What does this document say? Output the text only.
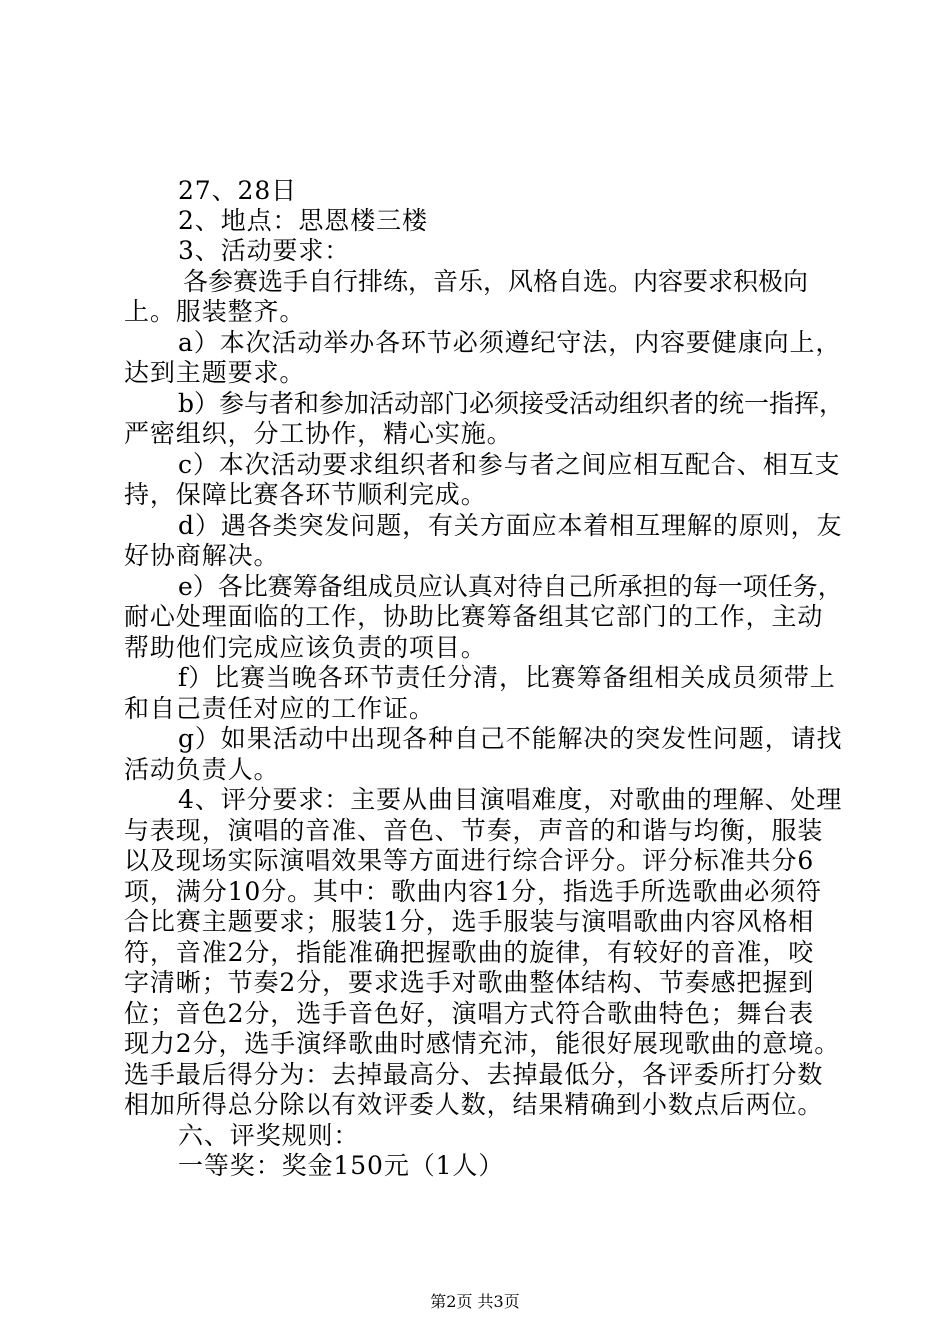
27、28日
2、地点：思恩楼三楼
3、活动要求：
各参赛选手自行排练，音乐，风格自选。内容要求积极向
上。服装整齐。
a）本次活动举办各环节必须遵纪守法，内容要健康向上，
达到主题要求。
b）参与者和参加活动部门必须接受活动组织者的统一指挥，
严密组织，分工协作，精心实施。
c）本次活动要求组织者和参与者之间应相互配合、相互支
持，保障比赛各环节顺利完成。
d）遇各类突发问题，有关方面应本着相互理解的原则，友
好协商解决。
e）各比赛筹备组成员应认真对待自己所承担的每一项任务，
耐心处理面临的工作，协助比赛筹备组其它部门的工作，主动
帮助他们完成应该负责的项目。
f）比赛当晚各环节责任分清，比赛筹备组相关成员须带上
和自己责任对应的工作证。
g）如果活动中出现各种自己不能解决的突发性问题，请找
活动负责人。
4、评分要求：主要从曲目演唱难度，对歌曲的理解、处理
与表现，演唱的音准、音色、节奏，声音的和谐与均衡，服装
以及现场实际演唱效果等方面进行综合评分。评分标准共分6
项，满分10分。其中：歌曲内容1分，指选手所选歌曲必须符
合比赛主题要求；服装1分，选手服装与演唱歌曲内容风格相
符，音准2分，指能准确把握歌曲的旋律，有较好的音准，咬
字清晰；节奏2分，要求选手对歌曲整体结构、节奏感把握到
位；音色2分，选手音色好，演唱方式符合歌曲特色；舞台表
现力2分，选手演绎歌曲时感情充沛，能很好展现歌曲的意境。
选手最后得分为：去掉最高分、去掉最低分，各评委所打分数
相加所得总分除以有效评委人数，结果精确到小数点后两位。
六、评奖规则：
一等奖：奖金150元（1人）
第2页 共3页
